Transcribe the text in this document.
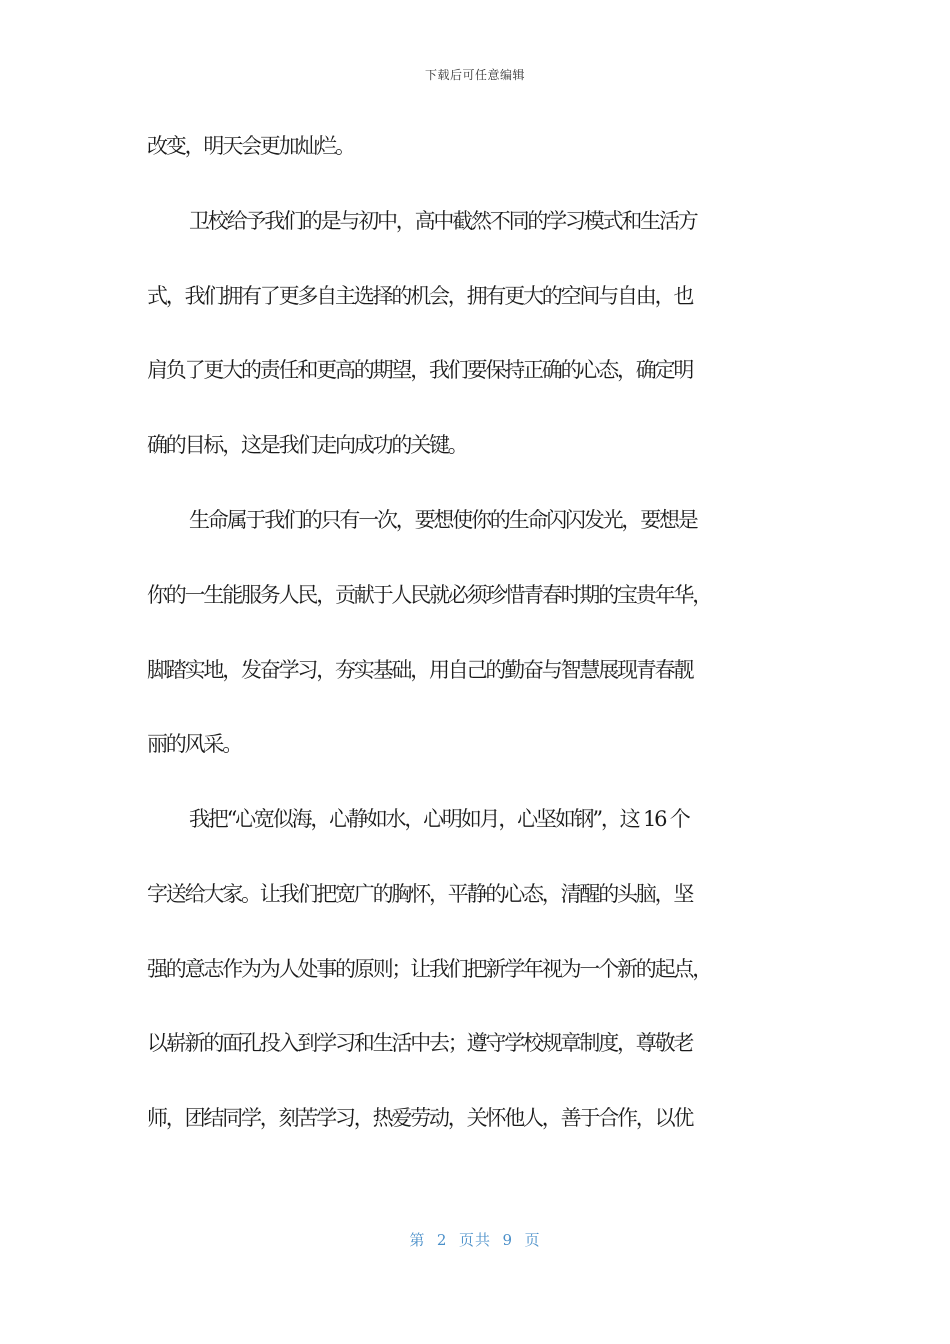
下载后可任意编辑
改变，明天会更加灿烂。
卫校给予我们的是与初中，高中截然不同的学习模式和生活方
式，我们拥有了更多自主选择的机会，拥有更大的空间与自由，也
肩负了更大的责任和更高的期望，我们要保持正确的心态，确定明
确的目标，这是我们走向成功的关键。
生命属于我们的只有一次，要想使你的生命闪闪发光，要想是
你的一生能服务人民，贡献于人民就必须珍惜青春时期的宝贵年华，
脚踏实地，发奋学习，夯实基础，用自己的勤奋与智慧展现青春靓
丽的风采。
我把“心宽似海，心静如水，心明如月，心坚如钢”，这 16 个
字送给大家。让我们把宽广的胸怀，平静的心态，清醒的头脑，坚
强的意志作为为人处事的原则；让我们把新学年视为一个新的起点，
以崭新的面孔投入到学习和生活中去；遵守学校规章制度，尊敬老
师，团结同学，刻苦学习，热爱劳动，关怀他人，善于合作，以优
第  2  页共  9  页
